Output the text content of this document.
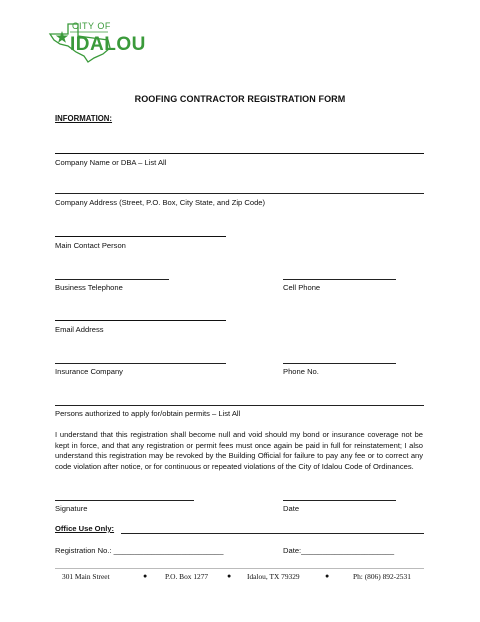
CITY OF
IDALOU
ROOFING CONTRACTOR REGISTRATION FORM
INFORMATION:
Company Name or DBA – List All
Company Address (Street, P.O. Box, City State, and Zip Code)
Main Contact Person
Business Telephone	Cell Phone
Email Address
Insurance Company	Phone No.
Persons authorized to apply for/obtain permits – List All
I understand that this registration shall become null and void should my bond or insurance coverage not be kept in force, and that any registration or permit fees must once again be paid in full for reinstatement; I also understand this registration may be revoked by the Building Official for failure to pay any fee or to correct any code violation after notice, or for continuous or repeated violations of the City of Idalou Code of Ordinances.
Signature	Date
Office Use Only:
Registration No.: __________________________	Date:______________________
301 Main Street	● P.O. Box 1277	● Idalou, TX 79329	●	Ph: (806) 892-2531
